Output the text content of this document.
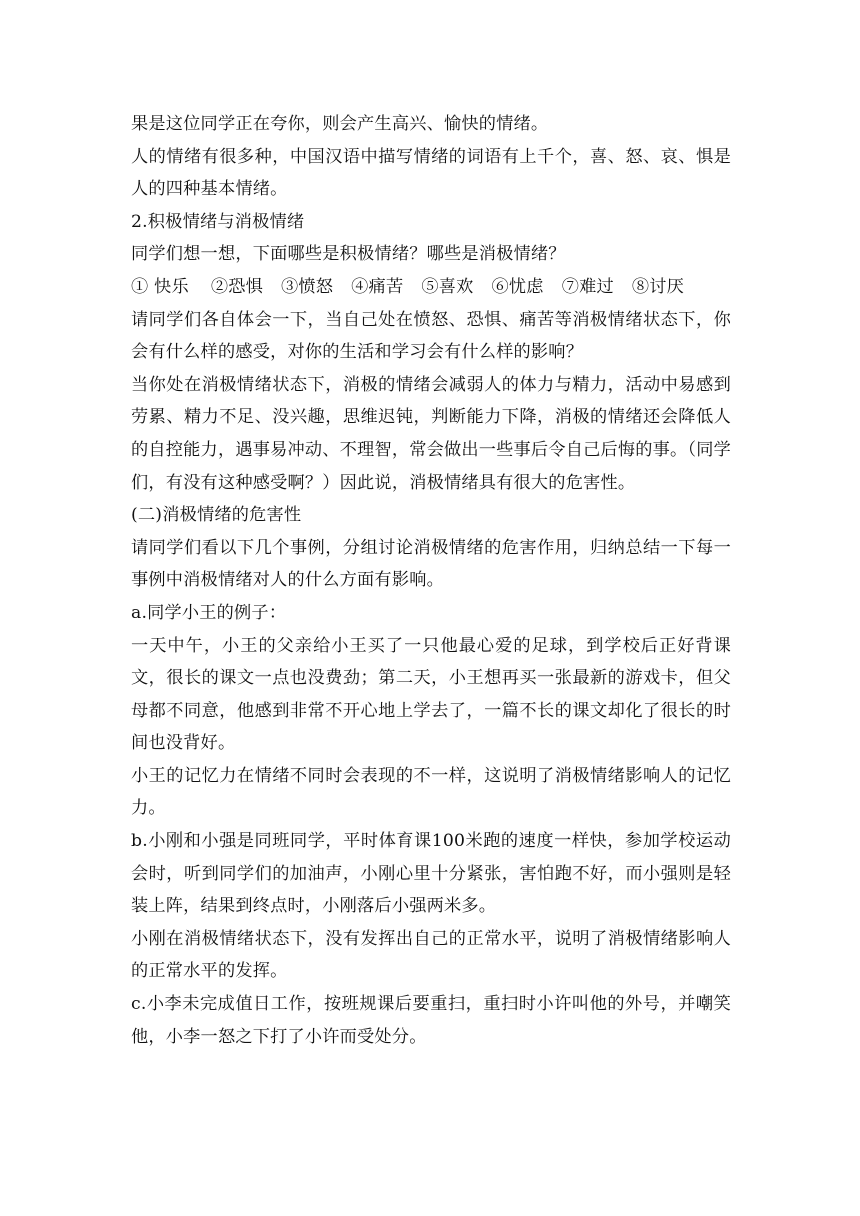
果是这位同学正在夸你，则会产生高兴、愉快的情绪。

人的情绪有很多种，中国汉语中描写情绪的词语有上千个，喜、怒、哀、惧是人的四种基本情绪。

2.积极情绪与消极情绪

同学们想一想，下面哪些是积极情绪？哪些是消极情绪？

① 快乐 ②恐惧 ③愤怒 ④痛苦 ⑤喜欢 ⑥忧虑 ⑦难过 ⑧讨厌

请同学们各自体会一下，当自己处在愤怒、恐惧、痛苦等消极情绪状态下，你会有什么样的感受，对你的生活和学习会有什么样的影响？

当你处在消极情绪状态下，消极的情绪会减弱人的体力与精力，活动中易感到劳累、精力不足、没兴趣，思维迟钝，判断能力下降，消极的情绪还会降低人的自控能力，遇事易冲动、不理智，常会做出一些事后令自己后悔的事。（同学们，有没有这种感受啊？）因此说，消极情绪具有很大的危害性。

(二)消极情绪的危害性

请同学们看以下几个事例，分组讨论消极情绪的危害作用，归纳总结一下每一事例中消极情绪对人的什么方面有影响。

a.同学小王的例子：

一天中午，小王的父亲给小王买了一只他最心爱的足球，到学校后正好背课文，很长的课文一点也没费劲；第二天，小王想再买一张最新的游戏卡，但父母都不同意，他感到非常不开心地上学去了，一篇不长的课文却化了很长的时间也没背好。

小王的记忆力在情绪不同时会表现的不一样，这说明了消极情绪影响人的记忆力。

b.小刚和小强是同班同学，平时体育课100米跑的速度一样快，参加学校运动会时，听到同学们的加油声，小刚心里十分紧张，害怕跑不好，而小强则是轻装上阵，结果到终点时，小刚落后小强两米多。

小刚在消极情绪状态下，没有发挥出自己的正常水平，说明了消极情绪影响人的正常水平的发挥。

c.小李未完成值日工作，按班规课后要重扫，重扫时小许叫他的外号，并嘲笑他，小李一怒之下打了小许而受处分。
